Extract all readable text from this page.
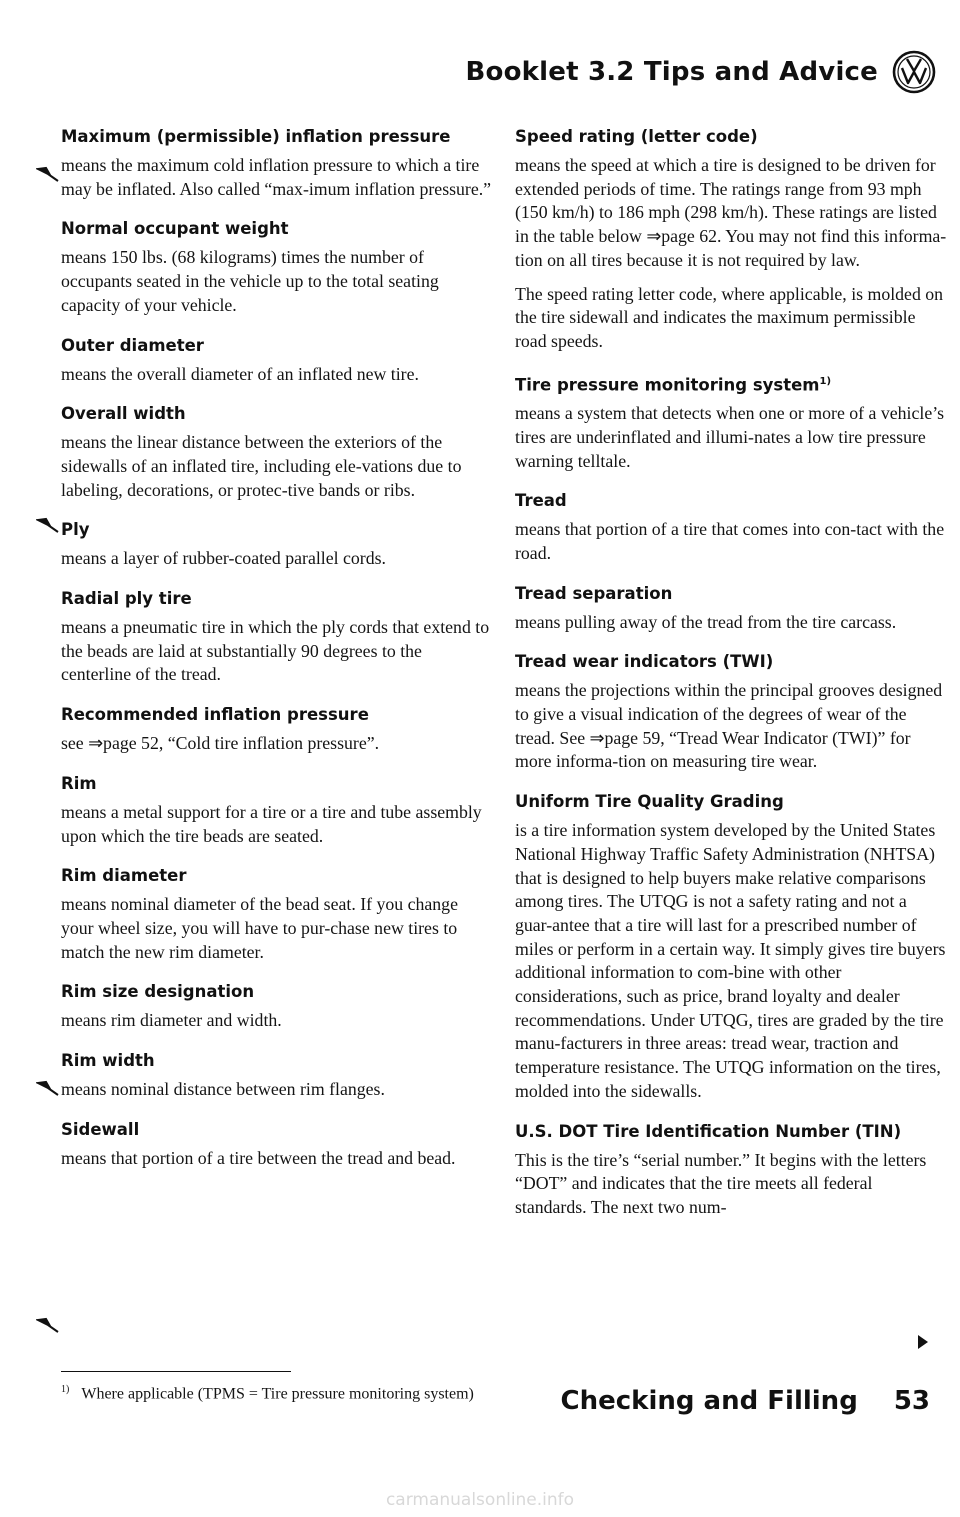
Booklet 3.2 Tips and Advice
Maximum (permissible) inflation pressure

means the maximum cold inflation pressure to which a tire may be inflated. Also called “max-imum inflation pressure.”

Normal occupant weight

means 150 lbs. (68 kilograms) times the number of occupants seated in the vehicle up to the total seating capacity of your vehicle.

Outer diameter

means the overall diameter of an inflated new tire.

Overall width

means the linear distance between the exteriors of the sidewalls of an inflated tire, including ele-vations due to labeling, decorations, or protec-tive bands or ribs.

Ply

means a layer of rubber-coated parallel cords.

Radial ply tire

means a pneumatic tire in which the ply cords that extend to the beads are laid at substantially 90 degrees to the centerline of the tread.

Recommended inflation pressure

see ⇒page 52, “Cold tire inflation pressure”.

Rim

means a metal support for a tire or a tire and tube assembly upon which the tire beads are seated.

Rim diameter

means nominal diameter of the bead seat. If you change your wheel size, you will have to pur-chase new tires to match the new rim diameter.

Rim size designation

means rim diameter and width.

Rim width

means nominal distance between rim flanges.

Sidewall

means that portion of a tire between the tread and bead.

Speed rating (letter code)

means the speed at which a tire is designed to be driven for extended periods of time. The ratings range from 93 mph (150 km/h) to 186 mph (298 km/h). These ratings are listed in the table below ⇒page 62. You may not find this informa-tion on all tires because it is not required by law.

The speed rating letter code, where applicable, is molded on the tire sidewall and indicates the maximum permissible road speeds.

Tire pressure monitoring system$^{1)}$

means a system that detects when one or more of a vehicle’s tires are underinflated and illumi-nates a low tire pressure warning telltale.

Tread

means that portion of a tire that comes into con-tact with the road.

Tread separation

means pulling away of the tread from the tire carcass.

Tread wear indicators (TWI)

means the projections within the principal grooves designed to give a visual indication of the degrees of wear of the tread. See ⇒page 59, “Tread Wear Indicator (TWI)” for more informa-tion on measuring tire wear.

Uniform Tire Quality Grading

is a tire information system developed by the United States National Highway Traffic Safety Administration (NHTSA) that is designed to help buyers make relative comparisons among tires. The UTQG is not a safety rating and not a guar-antee that a tire will last for a prescribed number of miles or perform in a certain way. It simply gives tire buyers additional information to com-bine with other considerations, such as price, brand loyalty and dealer recommendations. Under UTQG, tires are graded by the tire manu-facturers in three areas: tread wear, traction and temperature resistance. The UTQG information on the tires, molded into the sidewalls.

U.S. DOT Tire Identification Number (TIN)

This is the tire’s “serial number.” It begins with the letters “DOT” and indicates that the tire meets all federal standards. The next two num-

$^{1)}$ Where applicable (TPMS = Tire pressure monitoring system)	Checking and Filling 53
carmanualsonline.info
